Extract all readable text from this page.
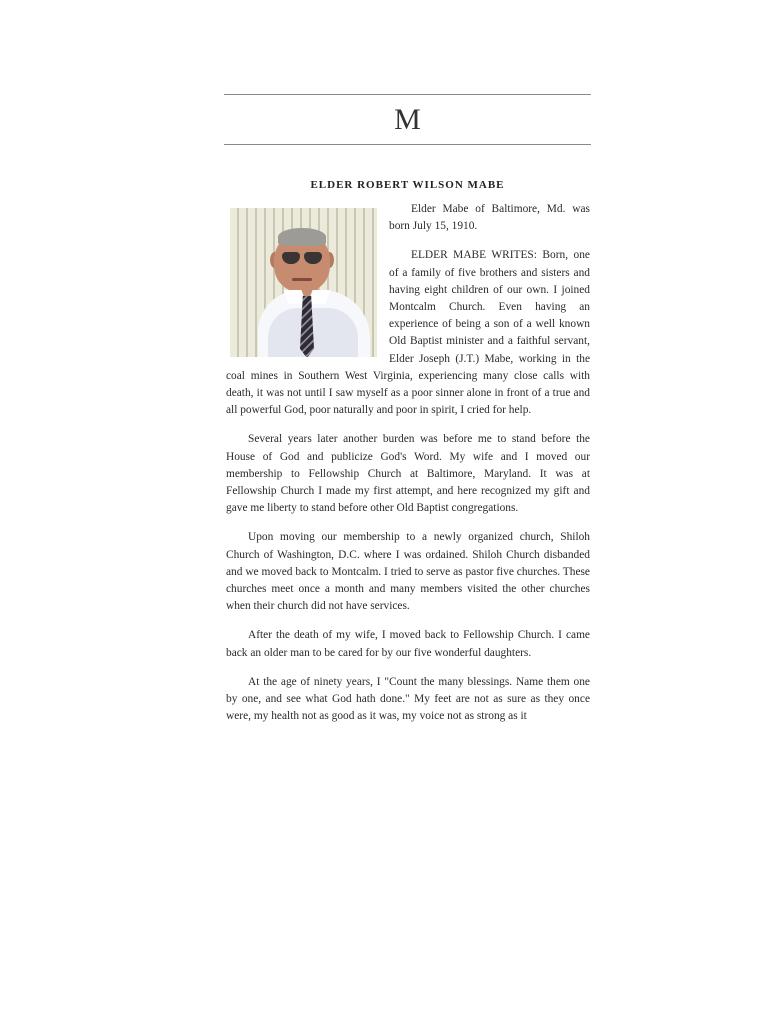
M
ELDER ROBERT WILSON MABE

Elder Mabe of Baltimore, Md. was born July 15, 1910.

ELDER MABE WRITES: Born, one of a family of five brothers and sisters and having eight children of our own. I joined Montcalm Church. Even having an experience of being a son of a well known Old Baptist minister and a faithful servant, Elder Joseph (J.T.) Mabe, working in the coal mines in Southern West Virginia, experiencing many close calls with death, it was not until I saw myself as a poor sinner alone in front of a true and all powerful God, poor naturally and poor in spirit, I cried for help.

Several years later another burden was before me to stand before the House of God and publicize God's Word. My wife and I moved our membership to Fellowship Church at Baltimore, Maryland. It was at Fellowship Church I made my first attempt, and here recognized my gift and gave me liberty to stand before other Old Baptist congregations.

Upon moving our membership to a newly organized church, Shiloh Church of Washington, D.C. where I was ordained. Shiloh Church disbanded and we moved back to Montcalm. I tried to serve as pastor five churches. These churches meet once a month and many members visited the other churches when their church did not have services.

After the death of my wife, I moved back to Fellowship Church. I came back an older man to be cared for by our five wonderful daughters.

At the age of ninety years, I "Count the many blessings. Name them one by one, and see what God hath done." My feet are not as sure as they once were, my health not as good as it was, my voice not as strong as it
